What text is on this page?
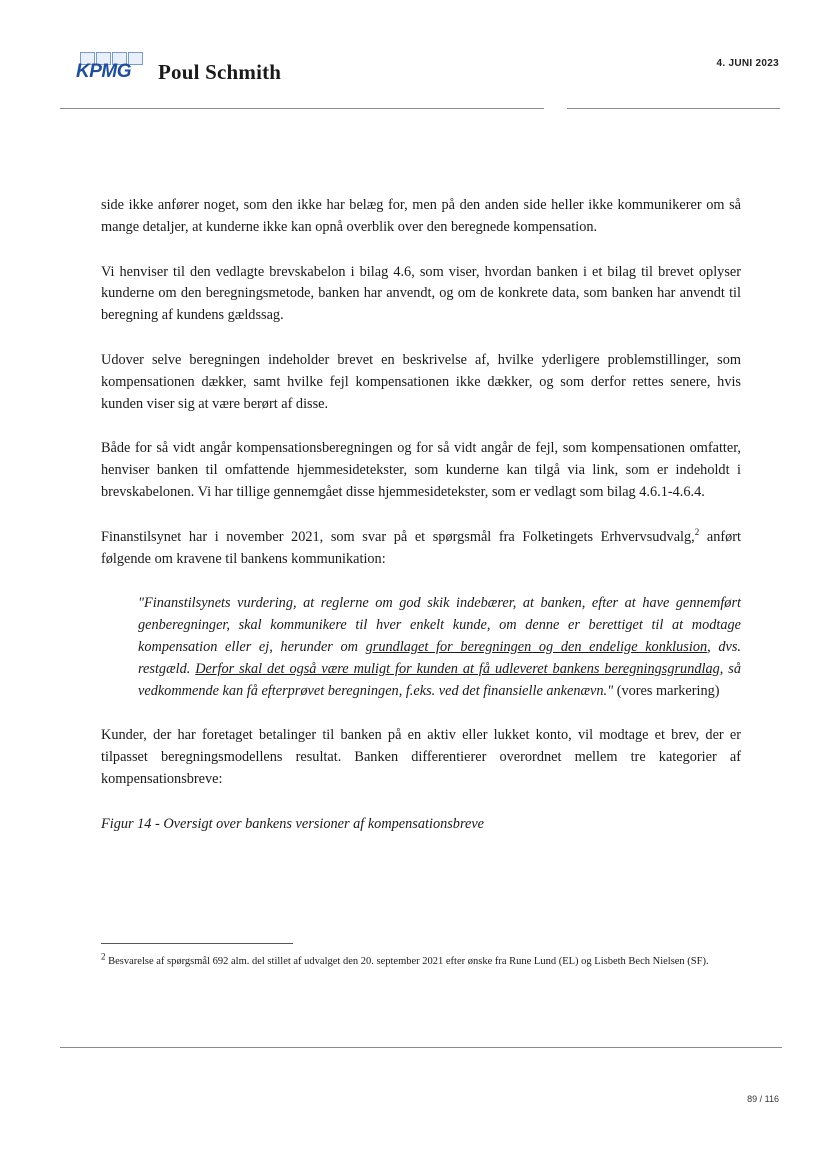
KPMG Poul Schmith	4. JUNI 2023

side ikke anfører noget, som den ikke har belæg for, men på den anden side heller ikke kommunikerer om så mange detaljer, at kunderne ikke kan opnå overblik over den beregnede kompensation.

Vi henviser til den vedlagte brevskabelon i bilag 4.6, som viser, hvordan banken i et bilag til brevet oplyser kunderne om den beregningsmetode, banken har anvendt, og om de konkrete data, som banken har anvendt til beregning af kundens gældssag.

Udover selve beregningen indeholder brevet en beskrivelse af, hvilke yderligere problemstillinger, som kompensationen dækker, samt hvilke fejl kompensationen ikke dækker, og som derfor rettes senere, hvis kunden viser sig at være berørt af disse.

Både for så vidt angår kompensationsberegningen og for så vidt angår de fejl, som kompensationen omfatter, henviser banken til omfattende hjemmesidetekster, som kunderne kan tilgå via link, som er indeholdt i brevskabelonen. Vi har tillige gennemgået disse hjemmesidetekster, som er vedlagt som bilag 4.6.1-4.6.4.

Finanstilsynet har i november 2021, som svar på et spørgsmål fra Folketingets Erhvervsudvalg,$^2$ anført følgende om kravene til bankens kommunikation:

"Finanstilsynets vurdering, at reglerne om god skik indebærer, at banken, efter at have gennemført genberegninger, skal kommunikere til hver enkelt kunde, om denne er berettiget til at modtage kompensation eller ej, herunder om grundlaget for beregningen og den endelige konklusion, dvs. restgæld. Derfor skal det også være muligt for kunden at få udleveret bankens beregningsgrundlag, så vedkommende kan få efterprøvet beregningen, f.eks. ved det finansielle ankenævn." (vores markering)

Kunder, der har foretaget betalinger til banken på en aktiv eller lukket konto, vil modtage et brev, der er tilpasset beregningsmodellens resultat. Banken differentierer overordnet mellem tre kategorier af kompensationsbreve:

Figur 14 - Oversigt over bankens versioner af kompensationsbreve

$^2$ Besvarelse af spørgsmål 692 alm. del stillet af udvalget den 20. september 2021 efter ønske fra Rune Lund (EL) og Lisbeth Bech Nielsen (SF).
89 / 116
